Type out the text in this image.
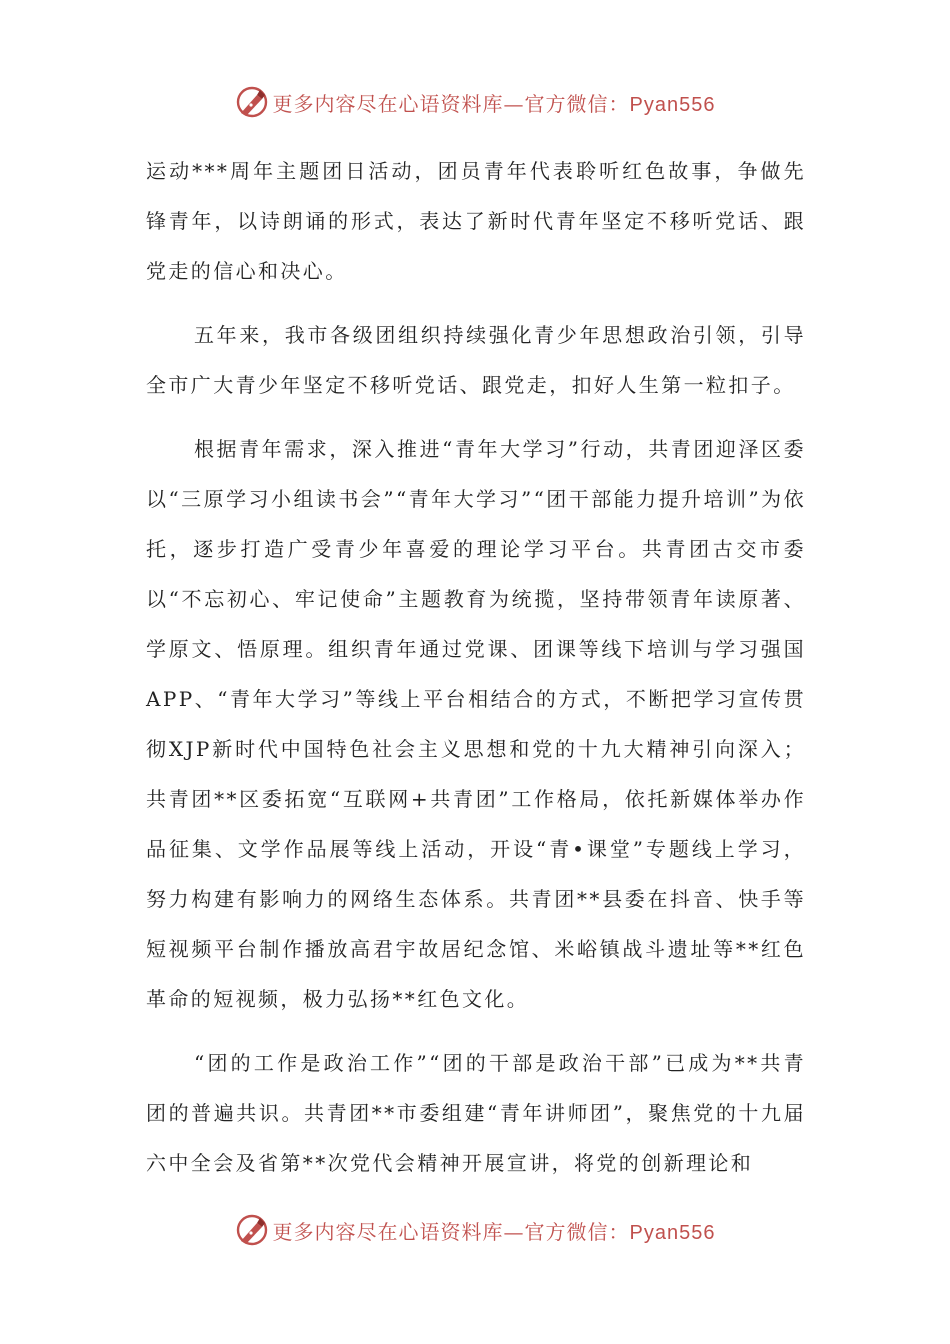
更多内容尽在心语资料库—官方微信：Pyan556

运动***周年主题团日活动，团员青年代表聆听红色故事，争做先锋青年，以诗朗诵的形式，表达了新时代青年坚定不移听党话、跟党走的信心和决心。

五年来，我市各级团组织持续强化青少年思想政治引领，引导全市广大青少年坚定不移听党话、跟党走，扣好人生第一粒扣子。

根据青年需求，深入推进“青年大学习”行动，共青团迎泽区委以“三原学习小组读书会”“青年大学习”“团干部能力提升培训”为依托，逐步打造广受青少年喜爱的理论学习平台。共青团古交市委以“不忘初心、牢记使命”主题教育为统揽，坚持带领青年读原著、学原文、悟原理。组织青年通过党课、团课等线下培训与学习强国APP、“青年大学习”等线上平台相结合的方式，不断把学习宣传贯彻XJP新时代中国特色社会主义思想和党的十九大精神引向深入；共青团**区委拓宽“互联网+共青团”工作格局，依托新媒体举办作品征集、文学作品展等线上活动，开设“青•课堂”专题线上学习，努力构建有影响力的网络生态体系。共青团**县委在抖音、快手等短视频平台制作播放高君宇故居纪念馆、米峪镇战斗遗址等**红色革命的短视频，极力弘扬**红色文化。

“团的工作是政治工作”“团的干部是政治干部”已成为**共青团的普遍共识。共青团**市委组建“青年讲师团”，聚焦党的十九届六中全会及省第**次党代会精神开展宣讲，将党的创新理论和

更多内容尽在心语资料库—官方微信：Pyan556
